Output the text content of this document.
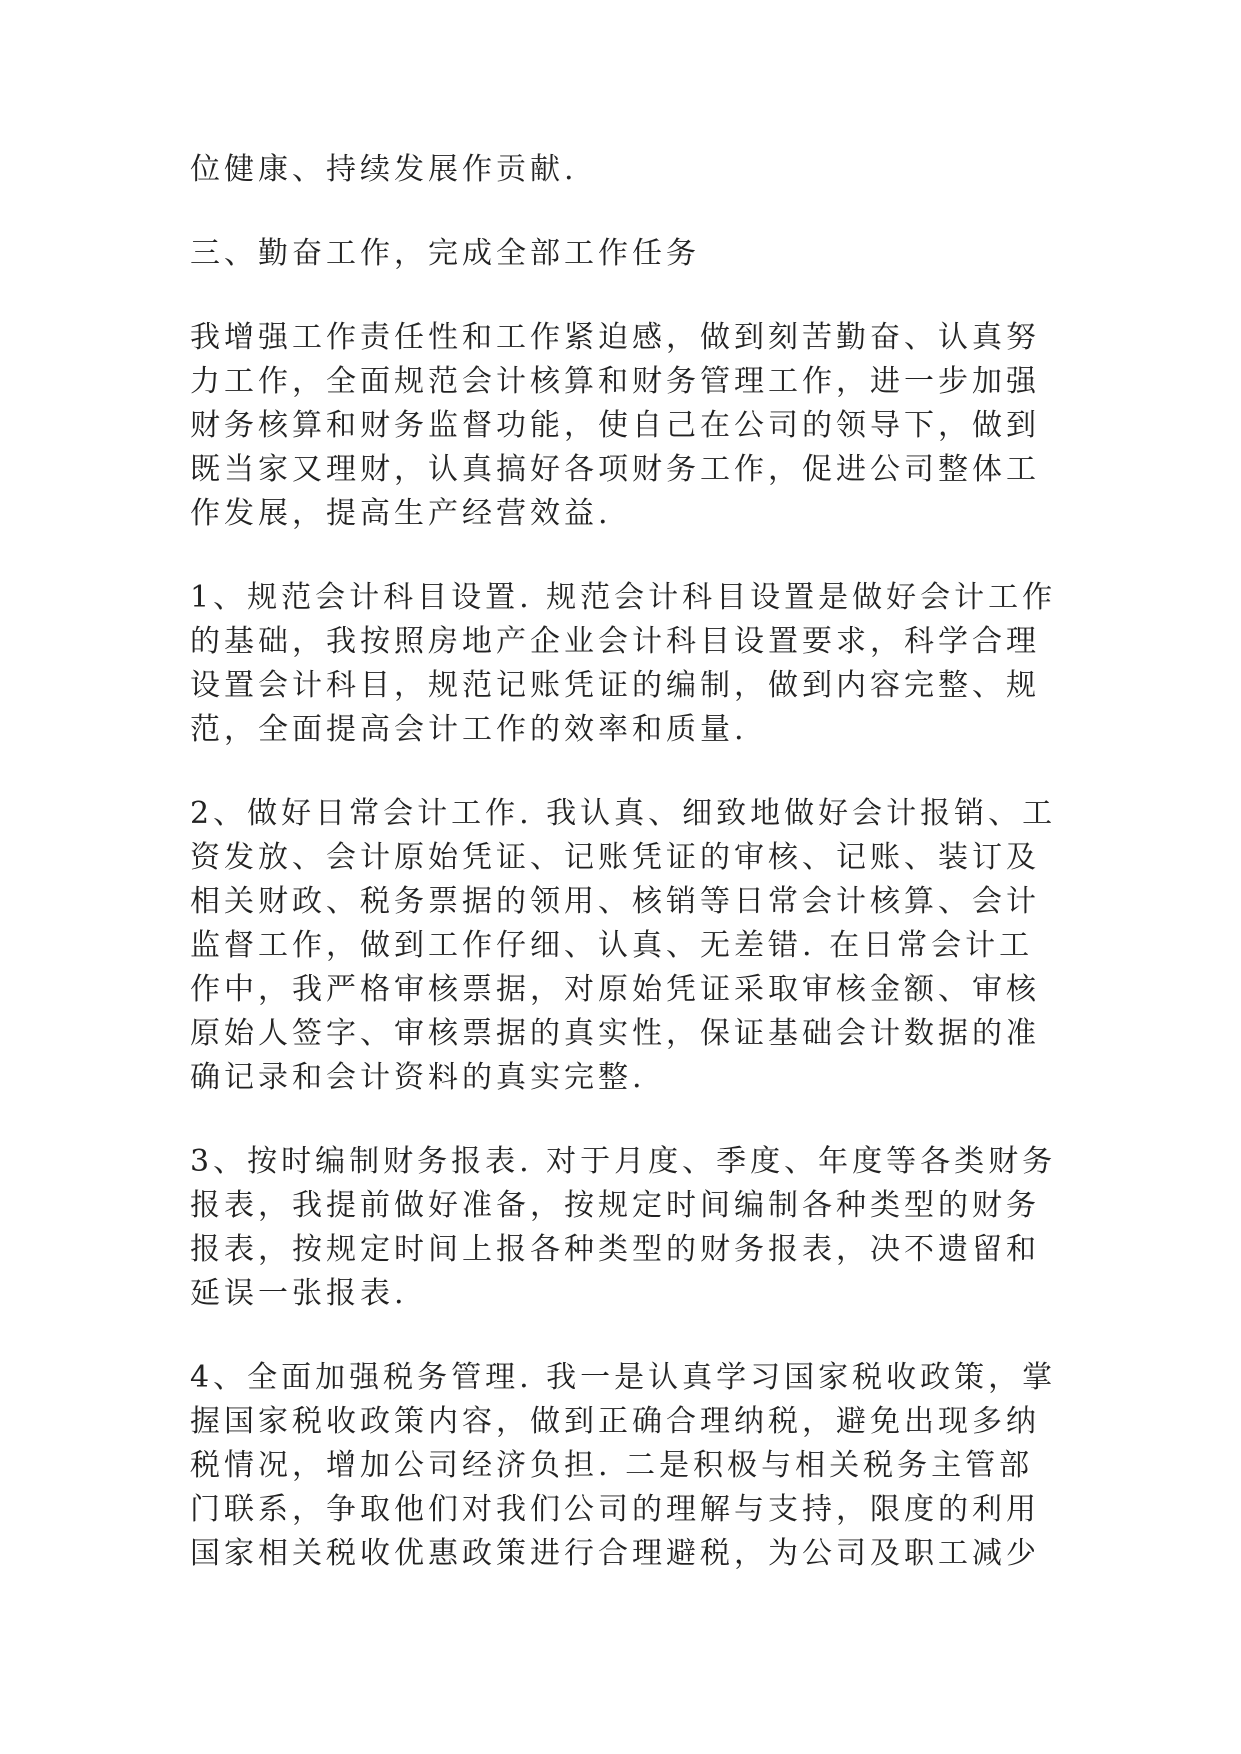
位健康、持续发展作贡献.
三、勤奋工作，完成全部工作任务
我增强工作责任性和工作紧迫感，做到刻苦勤奋、认真努
力工作，全面规范会计核算和财务管理工作，进一步加强
财务核算和财务监督功能，使自己在公司的领导下，做到
既当家又理财，认真搞好各项财务工作，促进公司整体工
作发展，提高生产经营效益.
1、规范会计科目设置. 规范会计科目设置是做好会计工作
的基础，我按照房地产企业会计科目设置要求，科学合理
设置会计科目，规范记账凭证的编制，做到内容完整、规
范，全面提高会计工作的效率和质量.
2、做好日常会计工作. 我认真、细致地做好会计报销、工
资发放、会计原始凭证、记账凭证的审核、记账、装订及
相关财政、税务票据的领用、核销等日常会计核算、会计
监督工作，做到工作仔细、认真、无差错. 在日常会计工
作中，我严格审核票据，对原始凭证采取审核金额、审核
原始人签字、审核票据的真实性，保证基础会计数据的准
确记录和会计资料的真实完整.
3、按时编制财务报表. 对于月度、季度、年度等各类财务
报表，我提前做好准备，按规定时间编制各种类型的财务
报表，按规定时间上报各种类型的财务报表，决不遗留和
延误一张报表.
4、全面加强税务管理. 我一是认真学习国家税收政策，掌
握国家税收政策内容，做到正确合理纳税，避免出现多纳
税情况，增加公司经济负担. 二是积极与相关税务主管部
门联系，争取他们对我们公司的理解与支持，限度的利用
国家相关税收优惠政策进行合理避税，为公司及职工减少
